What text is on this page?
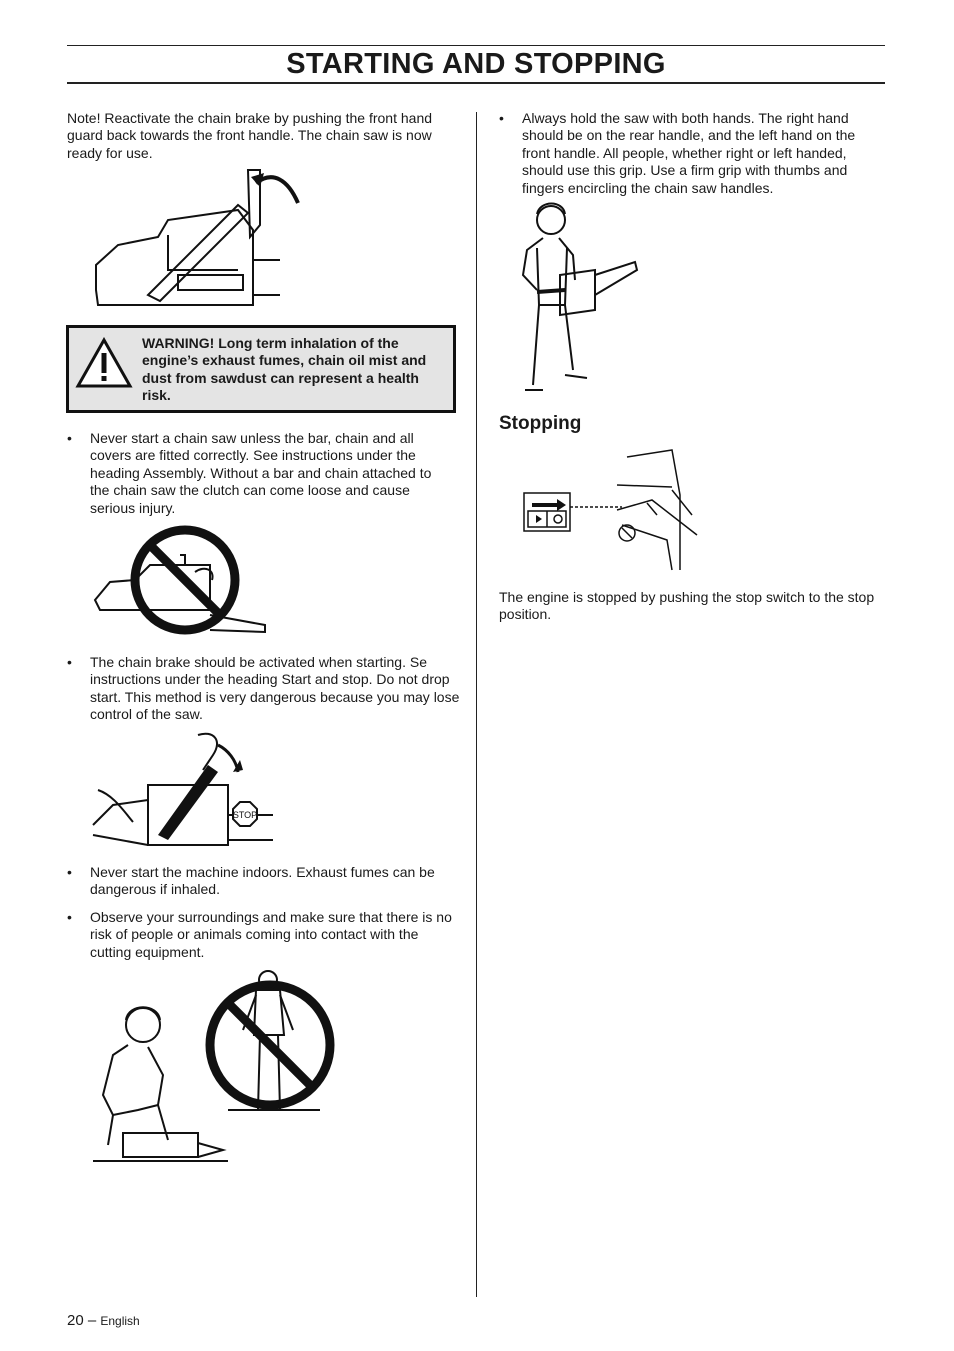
STARTING AND STOPPING

Note! Reactivate the chain brake by pushing the front hand guard back towards the front handle. The chain saw is now ready for use.

WARNING! Long term inhalation of the engine’s exhaust fumes, chain oil mist and dust from sawdust can represent a health risk.
• Never start a chain saw unless the bar, chain and all covers are fitted correctly. See instructions under the heading Assembly. Without a bar and chain attached to the chain saw the clutch can come loose and cause serious injury.
• The chain brake should be activated when starting. Se instructions under the heading Start and stop. Do not drop start. This method is very dangerous because you may lose control of the saw.
STOP
• Never start the machine indoors. Exhaust fumes can be dangerous if inhaled.
• Observe your surroundings and make sure that there is no risk of people or animals coming into contact with the cutting equipment.
• Always hold the saw with both hands. The right hand should be on the rear handle, and the left hand on the front handle. All people, whether right or left handed, should use this grip. Use a firm grip with thumbs and fingers encircling the chain saw handles.
Stopping

The engine is stopped by pushing the stop switch to the stop position.

20 – English
